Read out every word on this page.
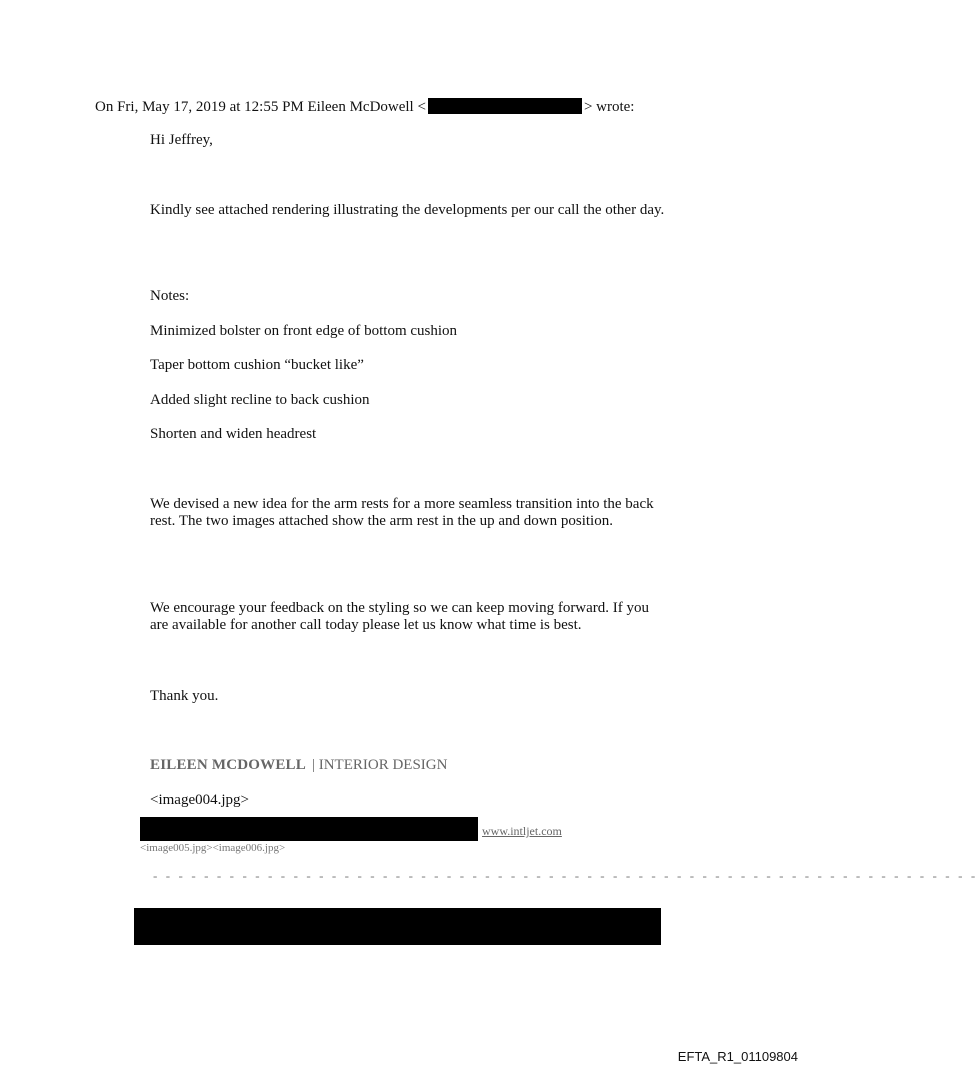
On Fri, May 17, 2019 at 12:55 PM Eileen McDowell <	> wrote:
Hi Jeffrey,
Kindly see attached rendering illustrating the developments per our call the other day.
Notes:
Minimized bolster on front edge of bottom cushion
Taper bottom cushion “bucket like”
Added slight recline to back cushion
Shorten and widen headrest
We devised a new idea for the arm rests for a more seamless transition into the back rest. The two images attached show the arm rest in the up and down position.
We encourage your feedback on the styling so we can keep moving forward. If you are available for another call today please let us know what time is best.
Thank you.
EILEEN MCDOWELL | INTERIOR DESIGN
<image004.jpg>
www.intljet.com
<image005.jpg><image006.jpg>
- - - - - - - - - - - - - - - - - - - - - - - - - - - - - - - - - - - - - - - - - - - - - - - - - - - - - - - - - - - - - - - - -
EFTA_R1_01109804
